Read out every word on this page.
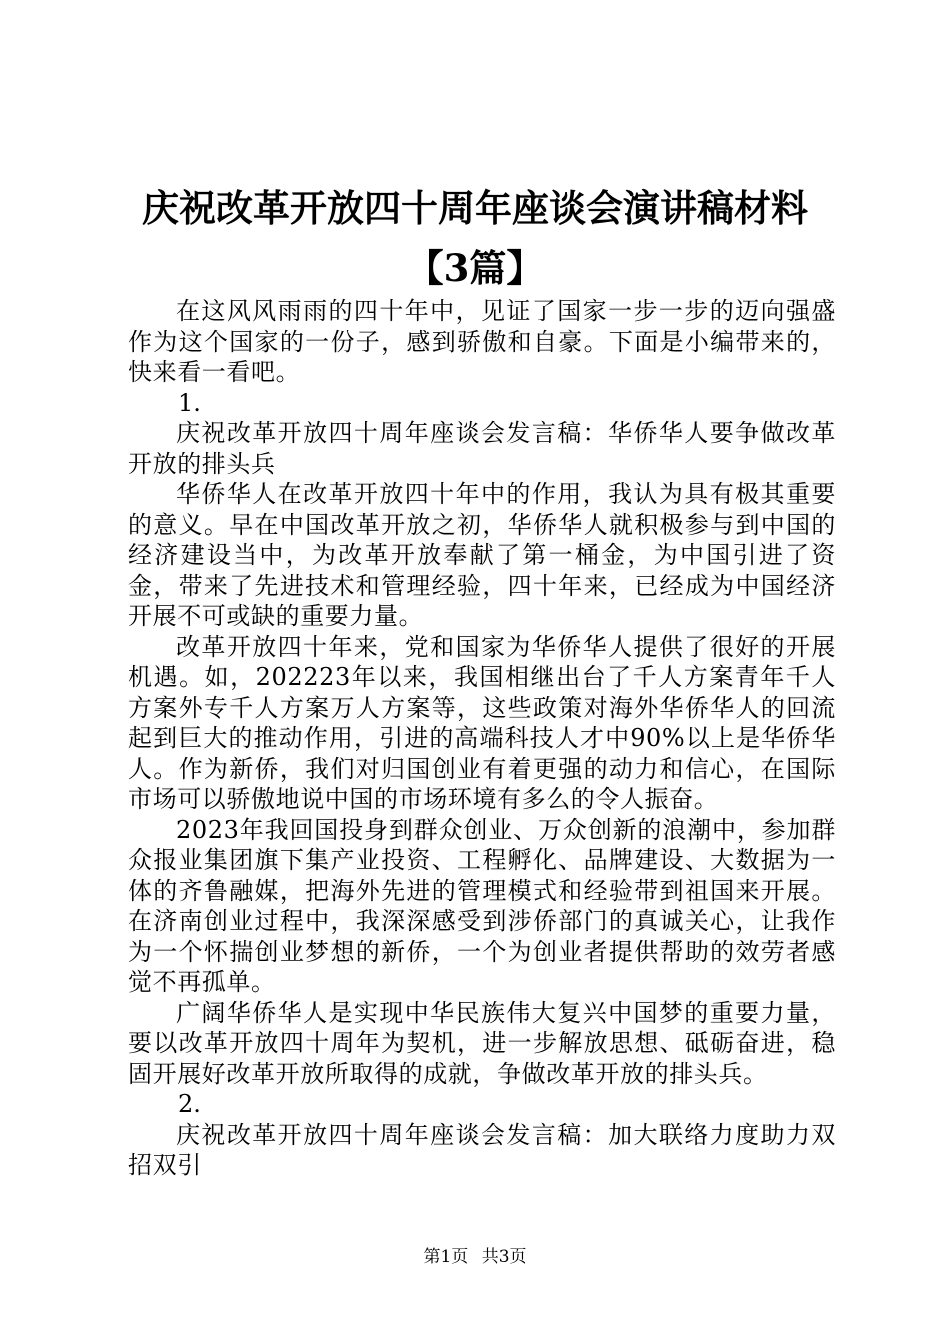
庆祝改革开放四十周年座谈会演讲稿材料【3篇】

在这风风雨雨的四十年中，见证了国家一步一步的迈向强盛作为这个国家的一份子，感到骄傲和自豪。下面是小编带来的，快来看一看吧。

1.

庆祝改革开放四十周年座谈会发言稿：华侨华人要争做改革开放的排头兵

华侨华人在改革开放四十年中的作用，我认为具有极其重要的意义。早在中国改革开放之初，华侨华人就积极参与到中国的经济建设当中，为改革开放奉献了第一桶金，为中国引进了资金，带来了先进技术和管理经验，四十年来，已经成为中国经济开展不可或缺的重要力量。

改革开放四十年来，党和国家为华侨华人提供了很好的开展机遇。如，202223年以来，我国相继出台了千人方案青年千人方案外专千人方案万人方案等，这些政策对海外华侨华人的回流起到巨大的推动作用，引进的高端科技人才中90%以上是华侨华人。作为新侨，我们对归国创业有着更强的动力和信心，在国际市场可以骄傲地说中国的市场环境有多么的令人振奋。

2023年我回国投身到群众创业、万众创新的浪潮中，参加群众报业集团旗下集产业投资、工程孵化、品牌建设、大数据为一体的齐鲁融媒，把海外先进的管理模式和经验带到祖国来开展。在济南创业过程中，我深深感受到涉侨部门的真诚关心，让我作为一个怀揣创业梦想的新侨，一个为创业者提供帮助的效劳者感觉不再孤单。

广阔华侨华人是实现中华民族伟大复兴中国梦的重要力量，要以改革开放四十周年为契机，进一步解放思想、砥砺奋进，稳固开展好改革开放所取得的成就，争做改革开放的排头兵。

2.

庆祝改革开放四十周年座谈会发言稿：加大联络力度助力双招双引

第1页 共3页
